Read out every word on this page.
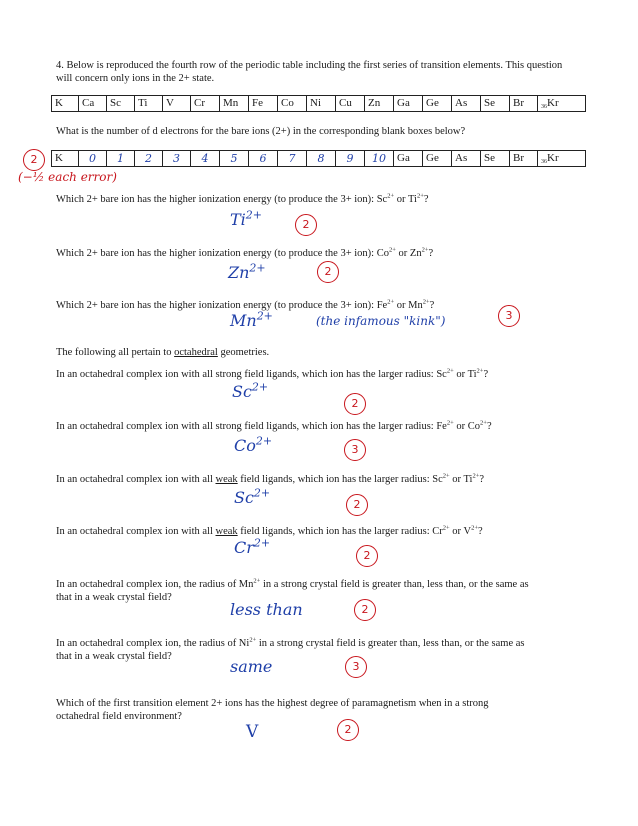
4. Below is reproduced the fourth row of the periodic table including the first series of transition elements. This question
will concern only ions in the 2+ state.
K	Ca	Sc	Ti	V	Cr	Mn	Fe	Co	Ni	Cu	Zn	Ga	Ge	As	Se	Br	$_{36}$Kr
What is the number of d electrons for the bare ions (2+) in the corresponding blank boxes below?
2
(−½ each error)
K	0	1	2	3	4	5	6	7	8	9	10	Ga	Ge	As	Se	Br	$_{36}$Kr
Which 2+ bare ion has the higher ionization energy (to produce the 3+ ion): $Sc^{2+}$ or $Ti^{2+}$?
$Ti^{2+}$
2
Which 2+ bare ion has the higher ionization energy (to produce the 3+ ion): $Co^{2+}$ or $Zn^{2+}$?
$Zn^{2+}$	2
Which 2+ bare ion has the higher ionization energy (to produce the 3+ ion): $Fe^{2+}$ or $Mn^{2+}$?
$Mn^{2+}$	(the infamous "kink")	3
The following all pertain to octahedral geometries.
In an octahedral complex ion with all strong field ligands, which ion has the larger radius: $Sc^{2+}$ or $Ti^{2+}$?
$Sc^{2+}$
2
In an octahedral complex ion with all strong field ligands, which ion has the larger radius: $Fe^{2+}$ or $Co^{2+}$?
$Co^{2+}$
3
In an octahedral complex ion with all weak field ligands, which ion has the larger radius: $Sc^{2+}$ or $Ti^{2+}$?
$Sc^{2+}$
2
In an octahedral complex ion with all weak field ligands, which ion has the larger radius: $Cr^{2+}$ or $V^{2+}$?
$Cr^{2+}$
2
In an octahedral complex ion, the radius of $Mn^{2+}$ in a strong crystal field is greater than, less than, or the same as
that in a weak crystal field?
less than	2
In an octahedral complex ion, the radius of $Ni^{2+}$ in a strong crystal field is greater than, less than, or the same as
that in a weak crystal field?
same	3
Which of the first transition element 2+ ions has the highest degree of paramagnetism when in a strong
octahedral field environment?
V	2
